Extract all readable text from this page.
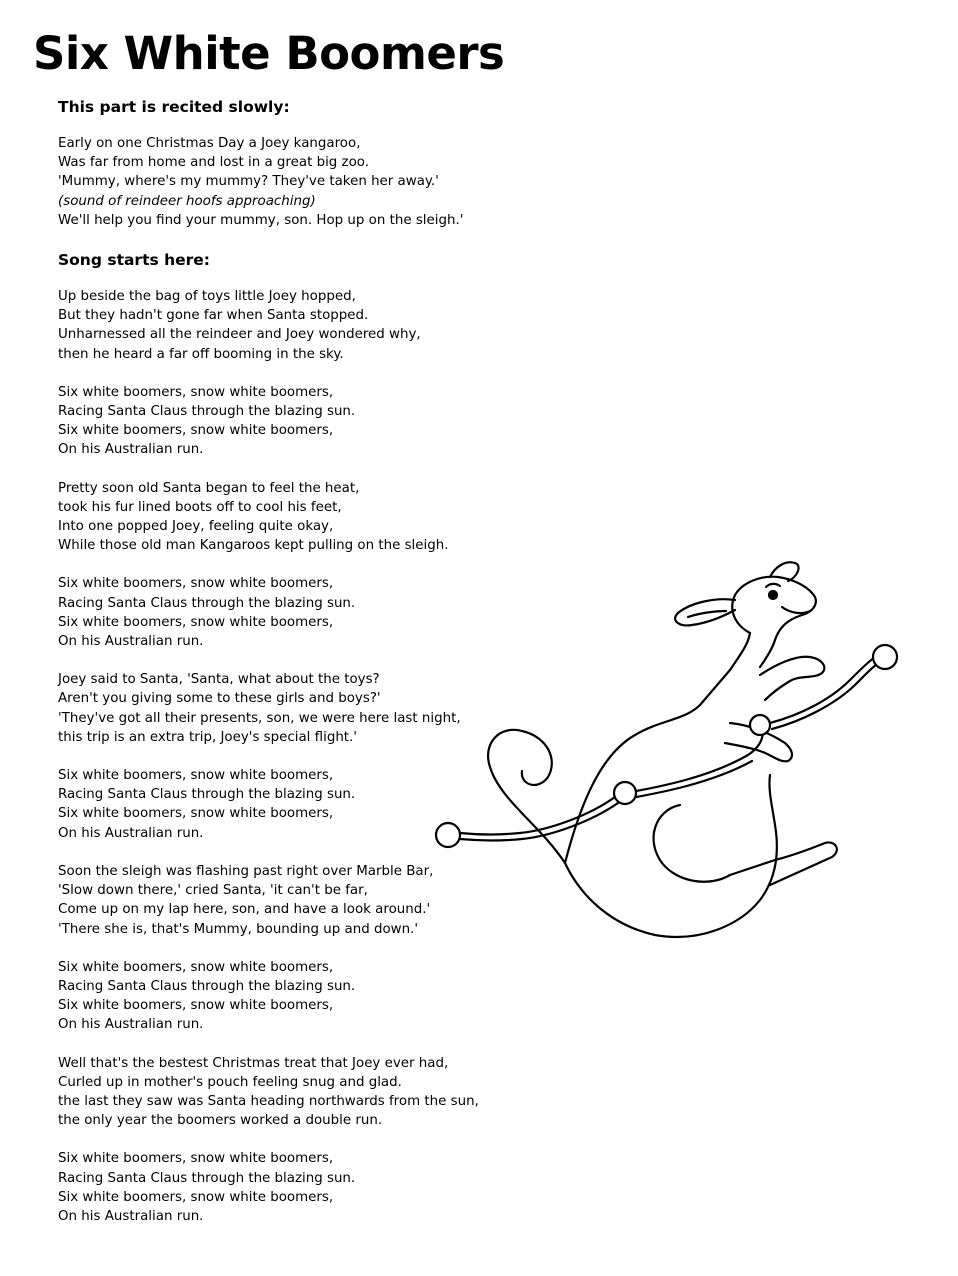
Six White Boomers
This part is recited slowly:
Early on one Christmas Day a Joey kangaroo,
Was far from home and lost in a great big zoo.
'Mummy, where's my mummy? They've taken her away.'
(sound of reindeer hoofs approaching)
We'll help you find your mummy, son. Hop up on the sleigh.'
Song starts here:
Up beside the bag of toys little Joey hopped,
But they hadn't gone far when Santa stopped.
Unharnessed all the reindeer and Joey wondered why,
then he heard a far off booming in the sky.
Six white boomers, snow white boomers,
Racing Santa Claus through the blazing sun.
Six white boomers, snow white boomers,
On his Australian run.
Pretty soon old Santa began to feel the heat,
took his fur lined boots off to cool his feet,
Into one popped Joey, feeling quite okay,
While those old man Kangaroos kept pulling on the sleigh.
Six white boomers, snow white boomers,
Racing Santa Claus through the blazing sun.
Six white boomers, snow white boomers,
On his Australian run.
Joey said to Santa, 'Santa, what about the toys?
Aren't you giving some to these girls and boys?'
'They've got all their presents, son, we were here last night,
this trip is an extra trip, Joey's special flight.'
Six white boomers, snow white boomers,
Racing Santa Claus through the blazing sun.
Six white boomers, snow white boomers,
On his Australian run.
Soon the sleigh was flashing past right over Marble Bar,
'Slow down there,' cried Santa, 'it can't be far,
Come up on my lap here, son, and have a look around.'
'There she is, that's Mummy, bounding up and down.'
Six white boomers, snow white boomers,
Racing Santa Claus through the blazing sun.
Six white boomers, snow white boomers,
On his Australian run.
Well that's the bestest Christmas treat that Joey ever had,
Curled up in mother's pouch feeling snug and glad.
the last they saw was Santa heading northwards from the sun,
the only year the boomers worked a double run.
Six white boomers, snow white boomers,
Racing Santa Claus through the blazing sun.
Six white boomers, snow white boomers,
On his Australian run.
